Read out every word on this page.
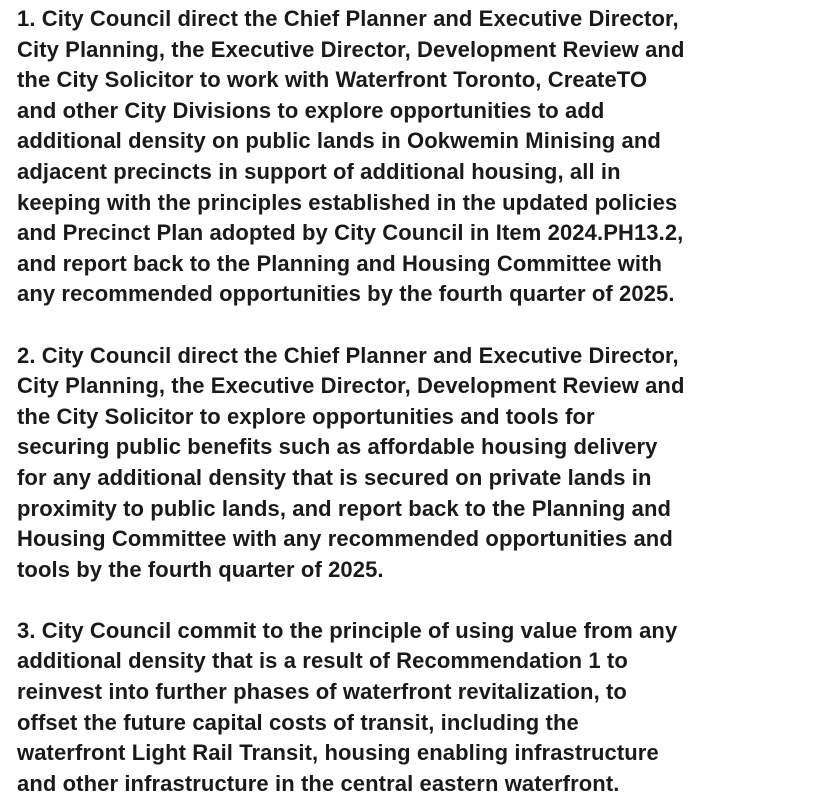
1. City Council direct the Chief Planner and Executive Director,
City Planning, the Executive Director, Development Review and
the City Solicitor to work with Waterfront Toronto, CreateTO
and other City Divisions to explore opportunities to add
additional density on public lands in Ookwemin Minising and
adjacent precincts in support of additional housing, all in
keeping with the principles established in the updated policies
and Precinct Plan adopted by City Council in Item 2024.PH13.2,
and report back to the Planning and Housing Committee with
any recommended opportunities by the fourth quarter of 2025.
2. City Council direct the Chief Planner and Executive Director,
City Planning, the Executive Director, Development Review and
the City Solicitor to explore opportunities and tools for
securing public benefits such as affordable housing delivery
for any additional density that is secured on private lands in
proximity to public lands, and report back to the Planning and
Housing Committee with any recommended opportunities and
tools by the fourth quarter of 2025.
3. City Council commit to the principle of using value from any
additional density that is a result of Recommendation 1 to
reinvest into further phases of waterfront revitalization, to
offset the future capital costs of transit, including the
waterfront Light Rail Transit, housing enabling infrastructure
and other infrastructure in the central eastern waterfront.
